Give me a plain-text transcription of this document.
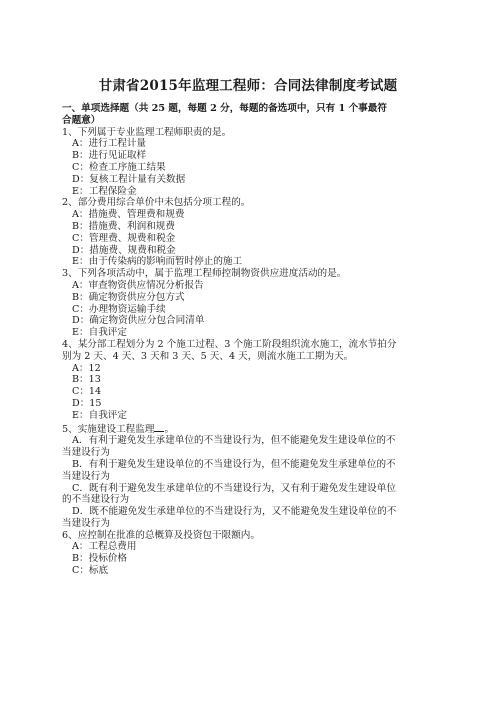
甘肃省2015年监理工程师：合同法律制度考试题
一、单项选择题（共 25 题，每题 2 分，每题的备选项中，只有 1 个事最符
合题意）
1、下列属于专业监理工程师职责的是。
A：进行工程计量
B：进行见证取样
C：检查工序施工结果
D：复核工程计量有关数据
E：工程保险金
2、部分费用综合单价中未包括分项工程的。
A：措施费、管理费和规费
B：措施费、利润和规费
C：管理费、规费和税金
D：措施费、规费和税金
E：由于传染病的影响而暂时停止的施工
3、下列各项活动中，属于监理工程师控制物资供应进度活动的是。
A：审查物资供应情况分析报告
B：确定物资供应分包方式
C：办理物资运输手续
D：确定物资供应分包合同清单
E：自我评定
4、某分部工程划分为 2 个施工过程、3 个施工阶段组织流水施工，流水节拍分
别为 2 天、4 天、3 天和 3 天、5 天、4 天，则流水施工工期为天。
A：12
B：13
C：14
D：15
E：自我评定
5、实施建设工程监理 。
A．有利于避免发生承建单位的不当建设行为，但不能避免发生建设单位的不
当建设行为
B．有利于避免发生建设单位的不当建设行为，但不能避免发生承建单位的不
当建设行为
C．既有利于避免发生承建单位的不当建设行为，又有利于避免发生建设单位
的不当建设行为
D．既不能避免发生承建单位的不当建设行为，又不能避免发生建设单位的不
当建设行为
6、应控制在批准的总概算及投资包干限额内。
A：工程总费用
B：投标价格
C：标底
